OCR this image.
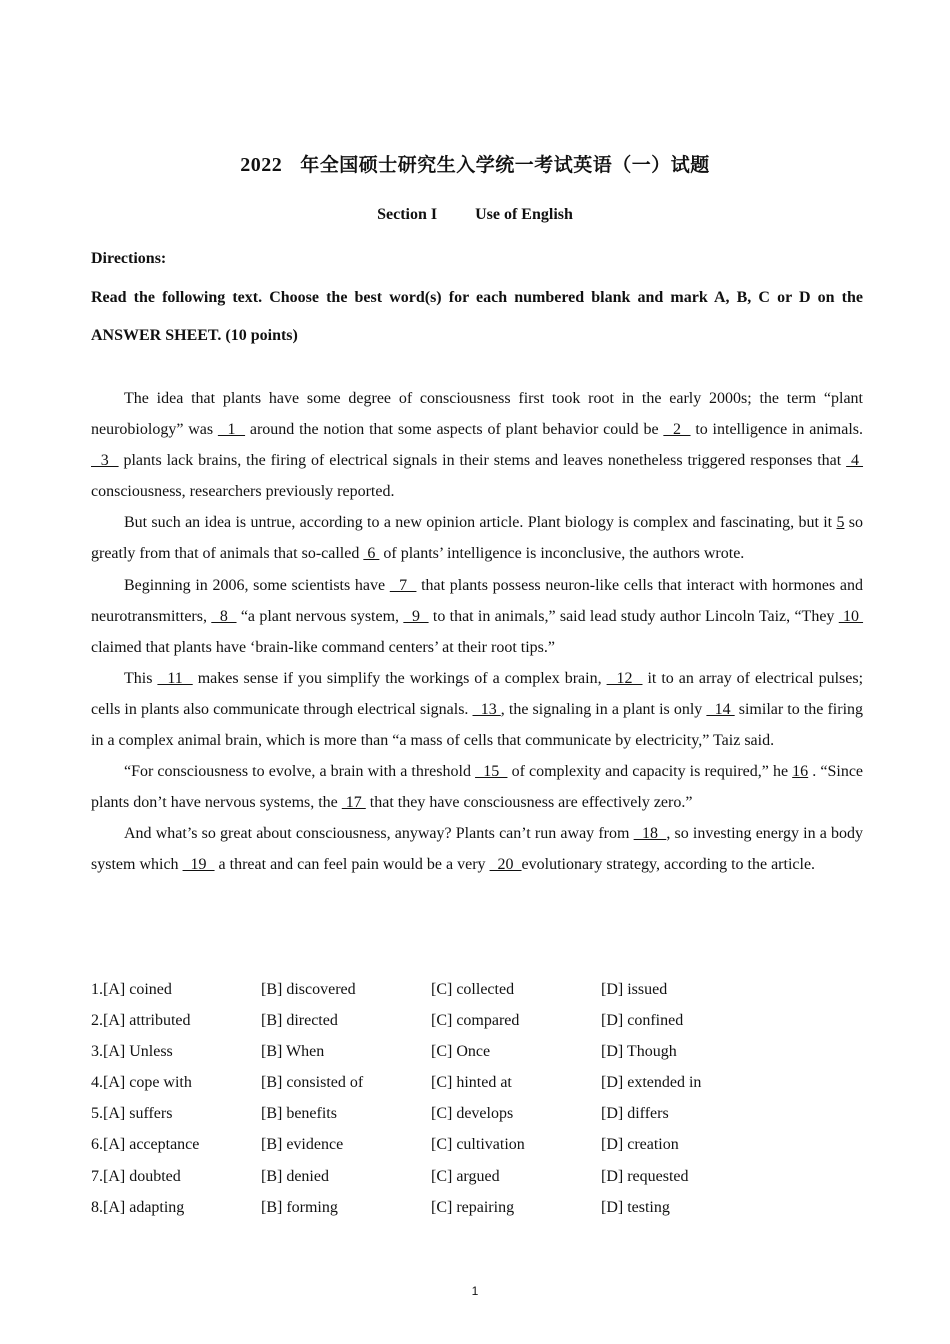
2022 年全国硕士研究生入学统一考试英语（一）试题
Section I Use of English
Directions:
Read the following text. Choose the best word(s) for each numbered blank and mark A, B, C or D on the ANSWER SHEET. (10 points)

The idea that plants have some degree of consciousness first took root in the early 2000s; the term “plant neurobiology” was   1   around the notion that some aspects of plant behavior could be   2   to intelligence in animals.   3   plants lack brains, the firing of electrical signals in their stems and leaves nonetheless triggered responses that  4  consciousness, researchers previously reported.

But such an idea is untrue, according to a new opinion article. Plant biology is complex and fascinating, but it 5 so greatly from that of animals that so-called  6  of plants’ intelligence is inconclusive, the authors wrote.

Beginning in 2006, some scientists have   7   that plants possess neuron-like cells that interact with hormones and neurotransmitters,   8   “a plant nervous system,   9   to that in animals,” said lead study author Lincoln Taiz, “They  10  claimed that plants have ‘brain-like command centers’ at their root tips.”

This   11   makes sense if you simplify the workings of a complex brain,   12   it to an array of electrical pulses; cells in plants also communicate through electrical signals.   13 , the signaling in a plant is only   14  similar to the firing in a complex animal brain, which is more than “a mass of cells that communicate by electricity,” Taiz said.

“For consciousness to evolve, a brain with a threshold   15   of complexity and capacity is required,” he 16 . “Since plants don’t have nervous systems, the  17  that they have consciousness are effectively zero.”

And what’s so great about consciousness, anyway? Plants can’t run away from   18  , so investing energy in a body system which   19   a threat and can feel pain would be a very   20  evolutionary strategy, according to the article.

1.[A] coined	[B] discovered	[C] collected	[D] issued
2.[A] attributed	[B] directed	[C] compared	[D] confined
3.[A] Unless	[B] When	[C] Once	[D] Though
4.[A] cope with	[B] consisted of	[C] hinted at	[D] extended in
5.[A] suffers	[B] benefits	[C] develops	[D] differs
6.[A] acceptance	[B] evidence	[C] cultivation	[D] creation
7.[A] doubted	[B] denied	[C] argued	[D] requested
8.[A] adapting	[B] forming	[C] repairing	[D] testing
1
